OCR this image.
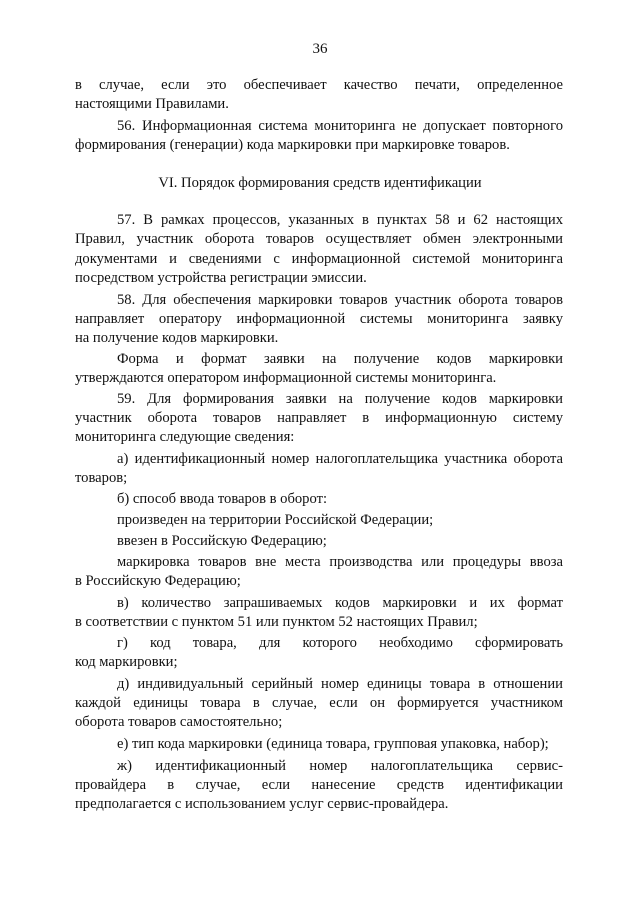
36
в случае, если это обеспечивает качество печати, определенное
настоящими Правилами.
56. Информационная система мониторинга не допускает повторного
формирования (генерации) кода маркировки при маркировке товаров.
VI. Порядок формирования средств идентификации
57. В рамках процессов, указанных в пунктах 58 и 62 настоящих
Правил, участник оборота товаров осуществляет обмен электронными
документами и сведениями с информационной системой мониторинга
посредством устройства регистрации эмиссии.
58. Для обеспечения маркировки товаров участник оборота товаров
направляет оператору информационной системы мониторинга заявку
на получение кодов маркировки.
Форма и формат заявки на получение кодов маркировки
утверждаются оператором информационной системы мониторинга.
59. Для формирования заявки на получение кодов маркировки
участник оборота товаров направляет в информационную систему
мониторинга следующие сведения:
а) идентификационный номер налогоплательщика участника оборота
товаров;
б) способ ввода товаров в оборот:
произведен на территории Российской Федерации;
ввезен в Российскую Федерацию;
маркировка товаров вне места производства или процедуры ввоза
в Российскую Федерацию;
в) количество запрашиваемых кодов маркировки и их формат
в соответствии с пунктом 51 или пунктом 52 настоящих Правил;
г) код товара, для которого необходимо сформировать
код маркировки;
д) индивидуальный серийный номер единицы товара в отношении
каждой единицы товара в случае, если он формируется участником
оборота товаров самостоятельно;
е) тип кода маркировки (единица товара, групповая упаковка, набор);
ж) идентификационный номер налогоплательщика сервис-
провайдера в случае, если нанесение средств идентификации
предполагается с использованием услуг сервис-провайдера.
